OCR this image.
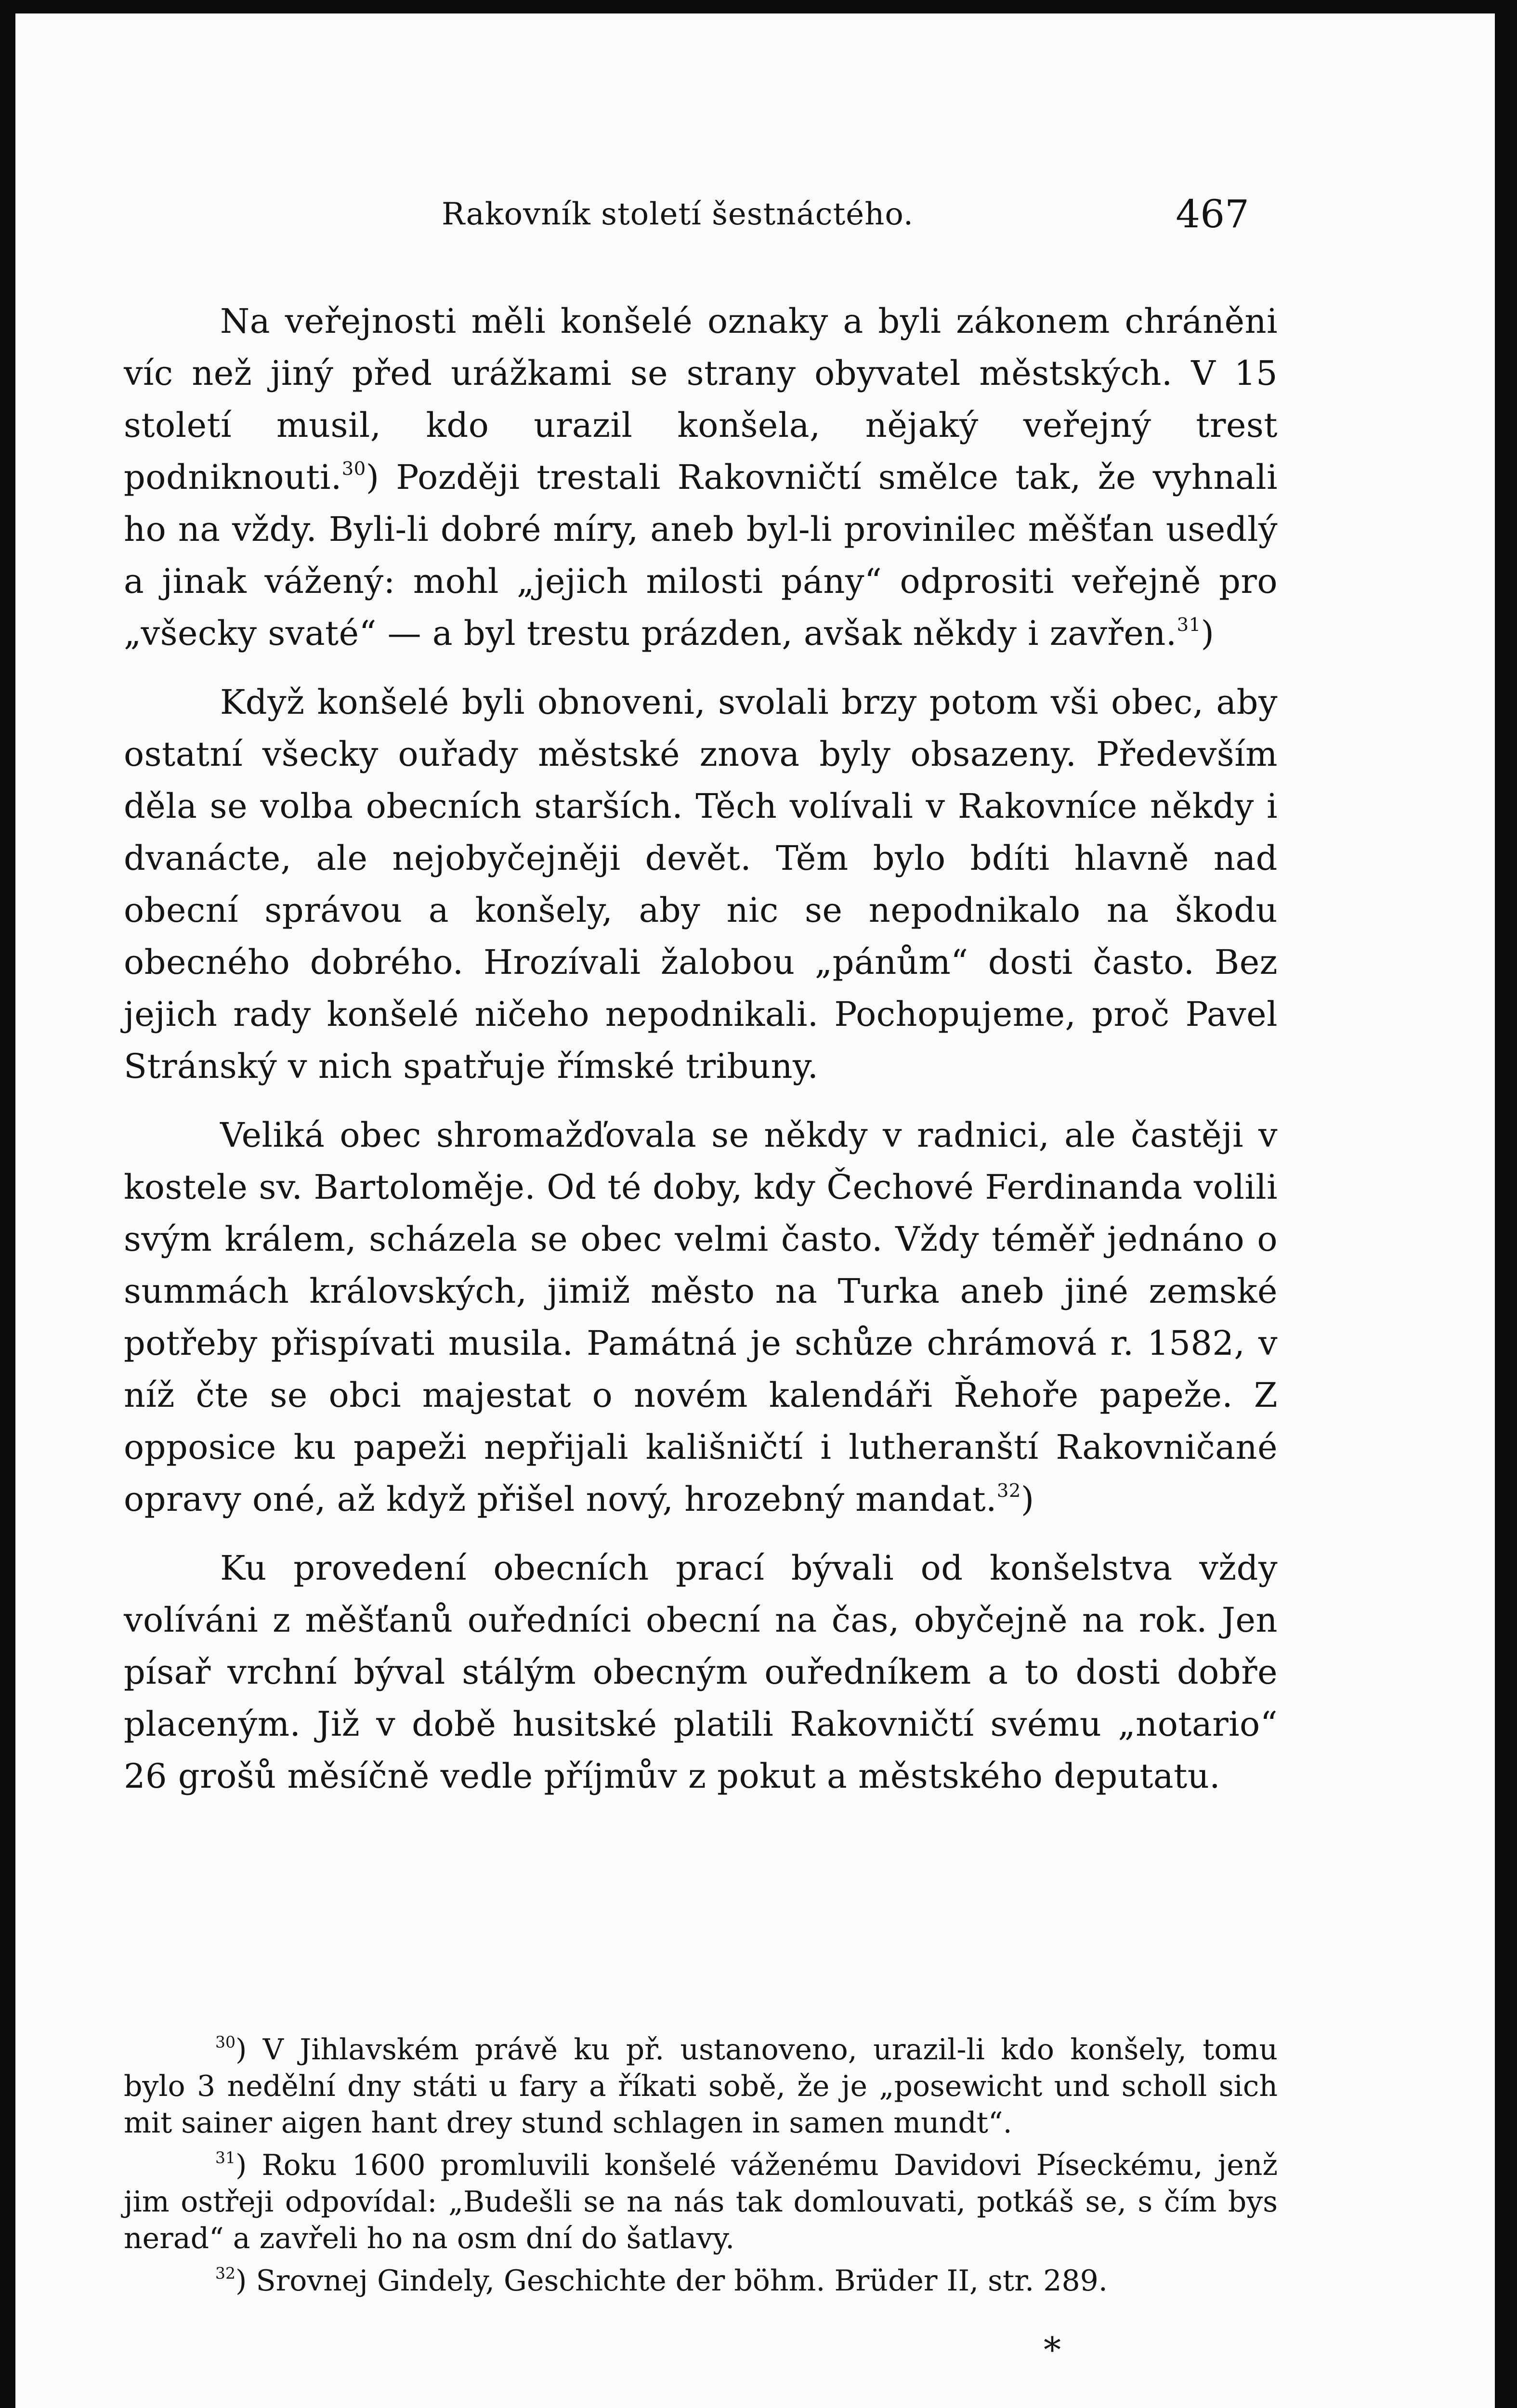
Rakovník století šestnáctého.	467

Na veřejnosti měli konšelé oznaky a byli zákonem chráněni víc než jiný před urážkami se strany obyvatel městských. V 15 století musil, kdo urazil konšela, nějaký veřejný trest podniknouti.$^{30}$) Později trestali Rakovničtí smělce tak, že vyhnali ho na vždy. Byli-li dobré míry, aneb byl-li provinilec měšťan usedlý a jinak vážený: mohl „jejich milosti pány“ odprositi veřejně pro „všecky svaté“ — a byl trestu prázden, avšak někdy i zavřen.$^{31}$)

Když konšelé byli obnoveni, svolali brzy potom vši obec, aby ostatní všecky ouřady městské znova byly obsazeny. Především děla se volba obecních starších. Těch volívali v Rakovníce někdy i dvanácte, ale nejobyčejněji devět. Těm bylo bdíti hlavně nad obecní správou a konšely, aby nic se nepodnikalo na škodu obecného dobrého. Hrozívali žalobou „pánům“ dosti často. Bez jejich rady konšelé ničeho nepodnikali. Pochopujeme, proč Pavel Stránský v nich spatřuje římské tribuny.

Veliká obec shromažďovala se někdy v radnici, ale častěji v kostele sv. Bartoloměje. Od té doby, kdy Čechové Ferdinanda volili svým králem, scházela se obec velmi často. Vždy téměř jednáno o summách královských, jimiž město na Turka aneb jiné zemské potřeby přispívati musila. Památná je schůze chrámová r. 1582, v níž čte se obci majestat o novém kalendáři Řehoře papeže. Z opposice ku papeži nepřijali kališničtí i lutheranští Rakovničané opravy oné, až když přišel nový, hrozebný mandat.$^{32}$)

Ku provedení obecních prací bývali od konšelstva vždy volíváni z měšťanů ouředníci obecní na čas, obyčejně na rok. Jen písař vrchní býval stálým obecným ouředníkem a to dosti dobře placeným. Již v době husitské platili Rakovničtí svému „notario“ 26 grošů měsíčně vedle příjmův z pokut a městského deputatu.

$^{30}$) V Jihlavském právě ku př. ustanoveno, urazil-li kdo konšely, tomu bylo 3 nedělní dny státi u fary a říkati sobě, že je „posewicht und scholl sich mit sainer aigen hant drey stund schlagen in samen mundt“.

$^{31}$) Roku 1600 promluvili konšelé váženému Davidovi Píseckému, jenž jim ostřeji odpovídal: „Budešli se na nás tak domlouvati, potkáš se, s čím bys nerad“ a zavřeli ho na osm dní do šatlavy.

$^{32}$) Srovnej Gindely, Geschichte der böhm. Brüder II, str. 289.

*
